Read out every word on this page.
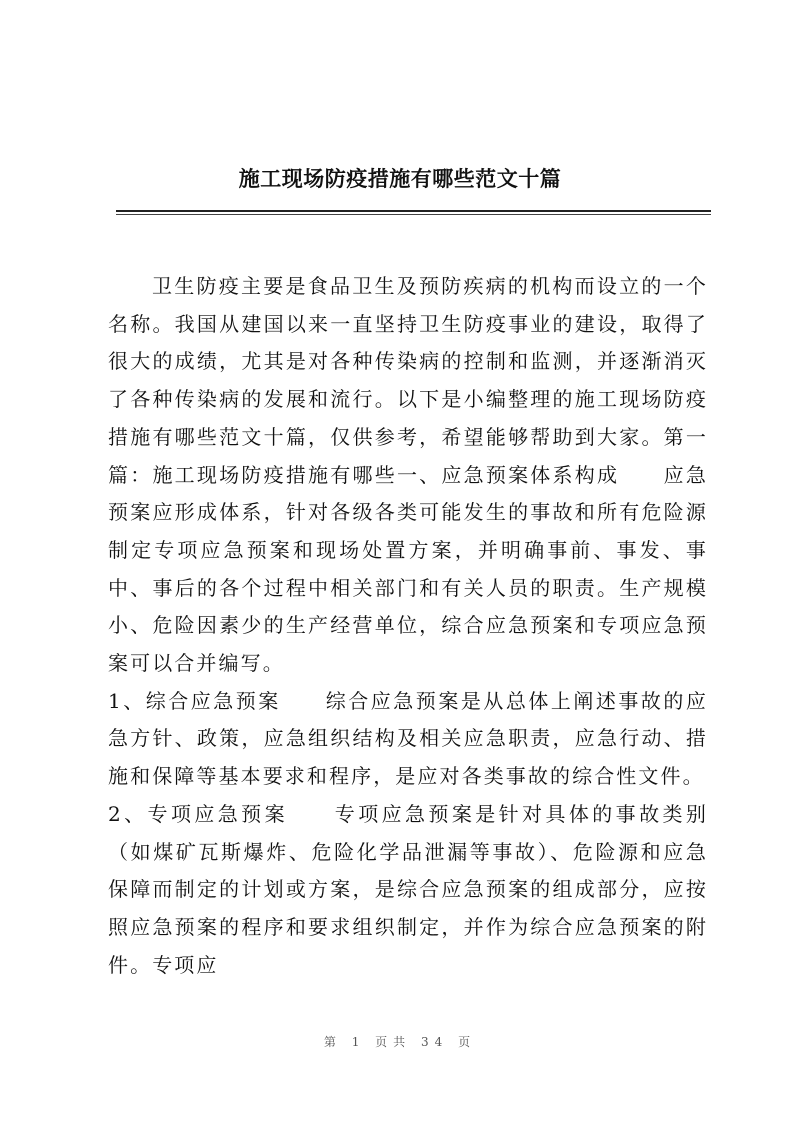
施工现场防疫措施有哪些范文十篇

卫生防疫主要是食品卫生及预防疾病的机构而设立的一个名称。我国从建国以来一直坚持卫生防疫事业的建设，取得了很大的成绩，尤其是对各种传染病的控制和监测，并逐渐消灭了各种传染病的发展和流行。以下是小编整理的施工现场防疫措施有哪些范文十篇，仅供参考，希望能够帮助到大家。第一篇：施工现场防疫措施有哪些一、应急预案体系构成　　应急预案应形成体系，针对各级各类可能发生的事故和所有危险源制定专项应急预案和现场处置方案，并明确事前、事发、事中、事后的各个过程中相关部门和有关人员的职责。生产规模小、危险因素少的生产经营单位，综合应急预案和专项应急预案可以合并编写。

1、综合应急预案　　综合应急预案是从总体上阐述事故的应急方针、政策，应急组织结构及相关应急职责，应急行动、措施和保障等基本要求和程序，是应对各类事故的综合性文件。

2、专项应急预案　　专项应急预案是针对具体的事故类别（如煤矿瓦斯爆炸、危险化学品泄漏等事故）、危险源和应急保障而制定的计划或方案，是综合应急预案的组成部分，应按照应急预案的程序和要求组织制定，并作为综合应急预案的附件。专项应

第 1 页共 34 页
